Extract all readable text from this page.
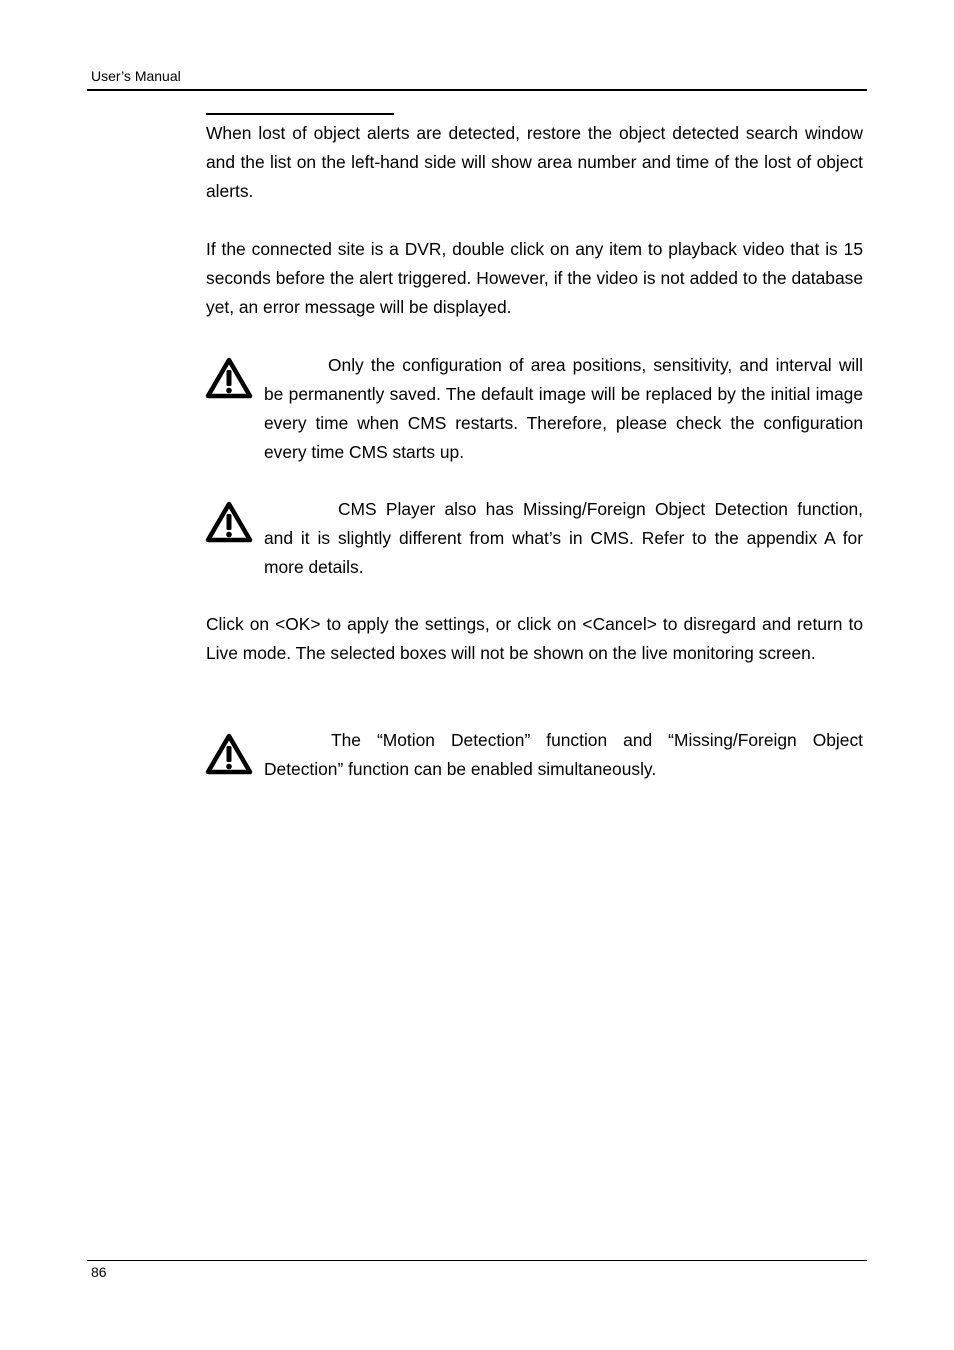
User’s Manual

When lost of object alerts are detected, restore the object detected search window and the list on the left-hand side will show area number and time of the lost of object alerts.

If the connected site is a DVR, double click on any item to playback video that is 15 seconds before the alert triggered. However, if the video is not added to the database yet, an error message will be displayed.

Only the configuration of area positions, sensitivity, and interval will be permanently saved. The default image will be replaced by the initial image every time when CMS restarts. Therefore, please check the configuration every time CMS starts up.

CMS Player also has Missing/Foreign Object Detection function, and it is slightly different from what’s in CMS. Refer to the appendix A for more details.

Click on <OK> to apply the settings, or click on <Cancel> to disregard and return to Live mode. The selected boxes will not be shown on the live monitoring screen.

The “Motion Detection” function and “Missing/Foreign Object Detection” function can be enabled simultaneously.

86
